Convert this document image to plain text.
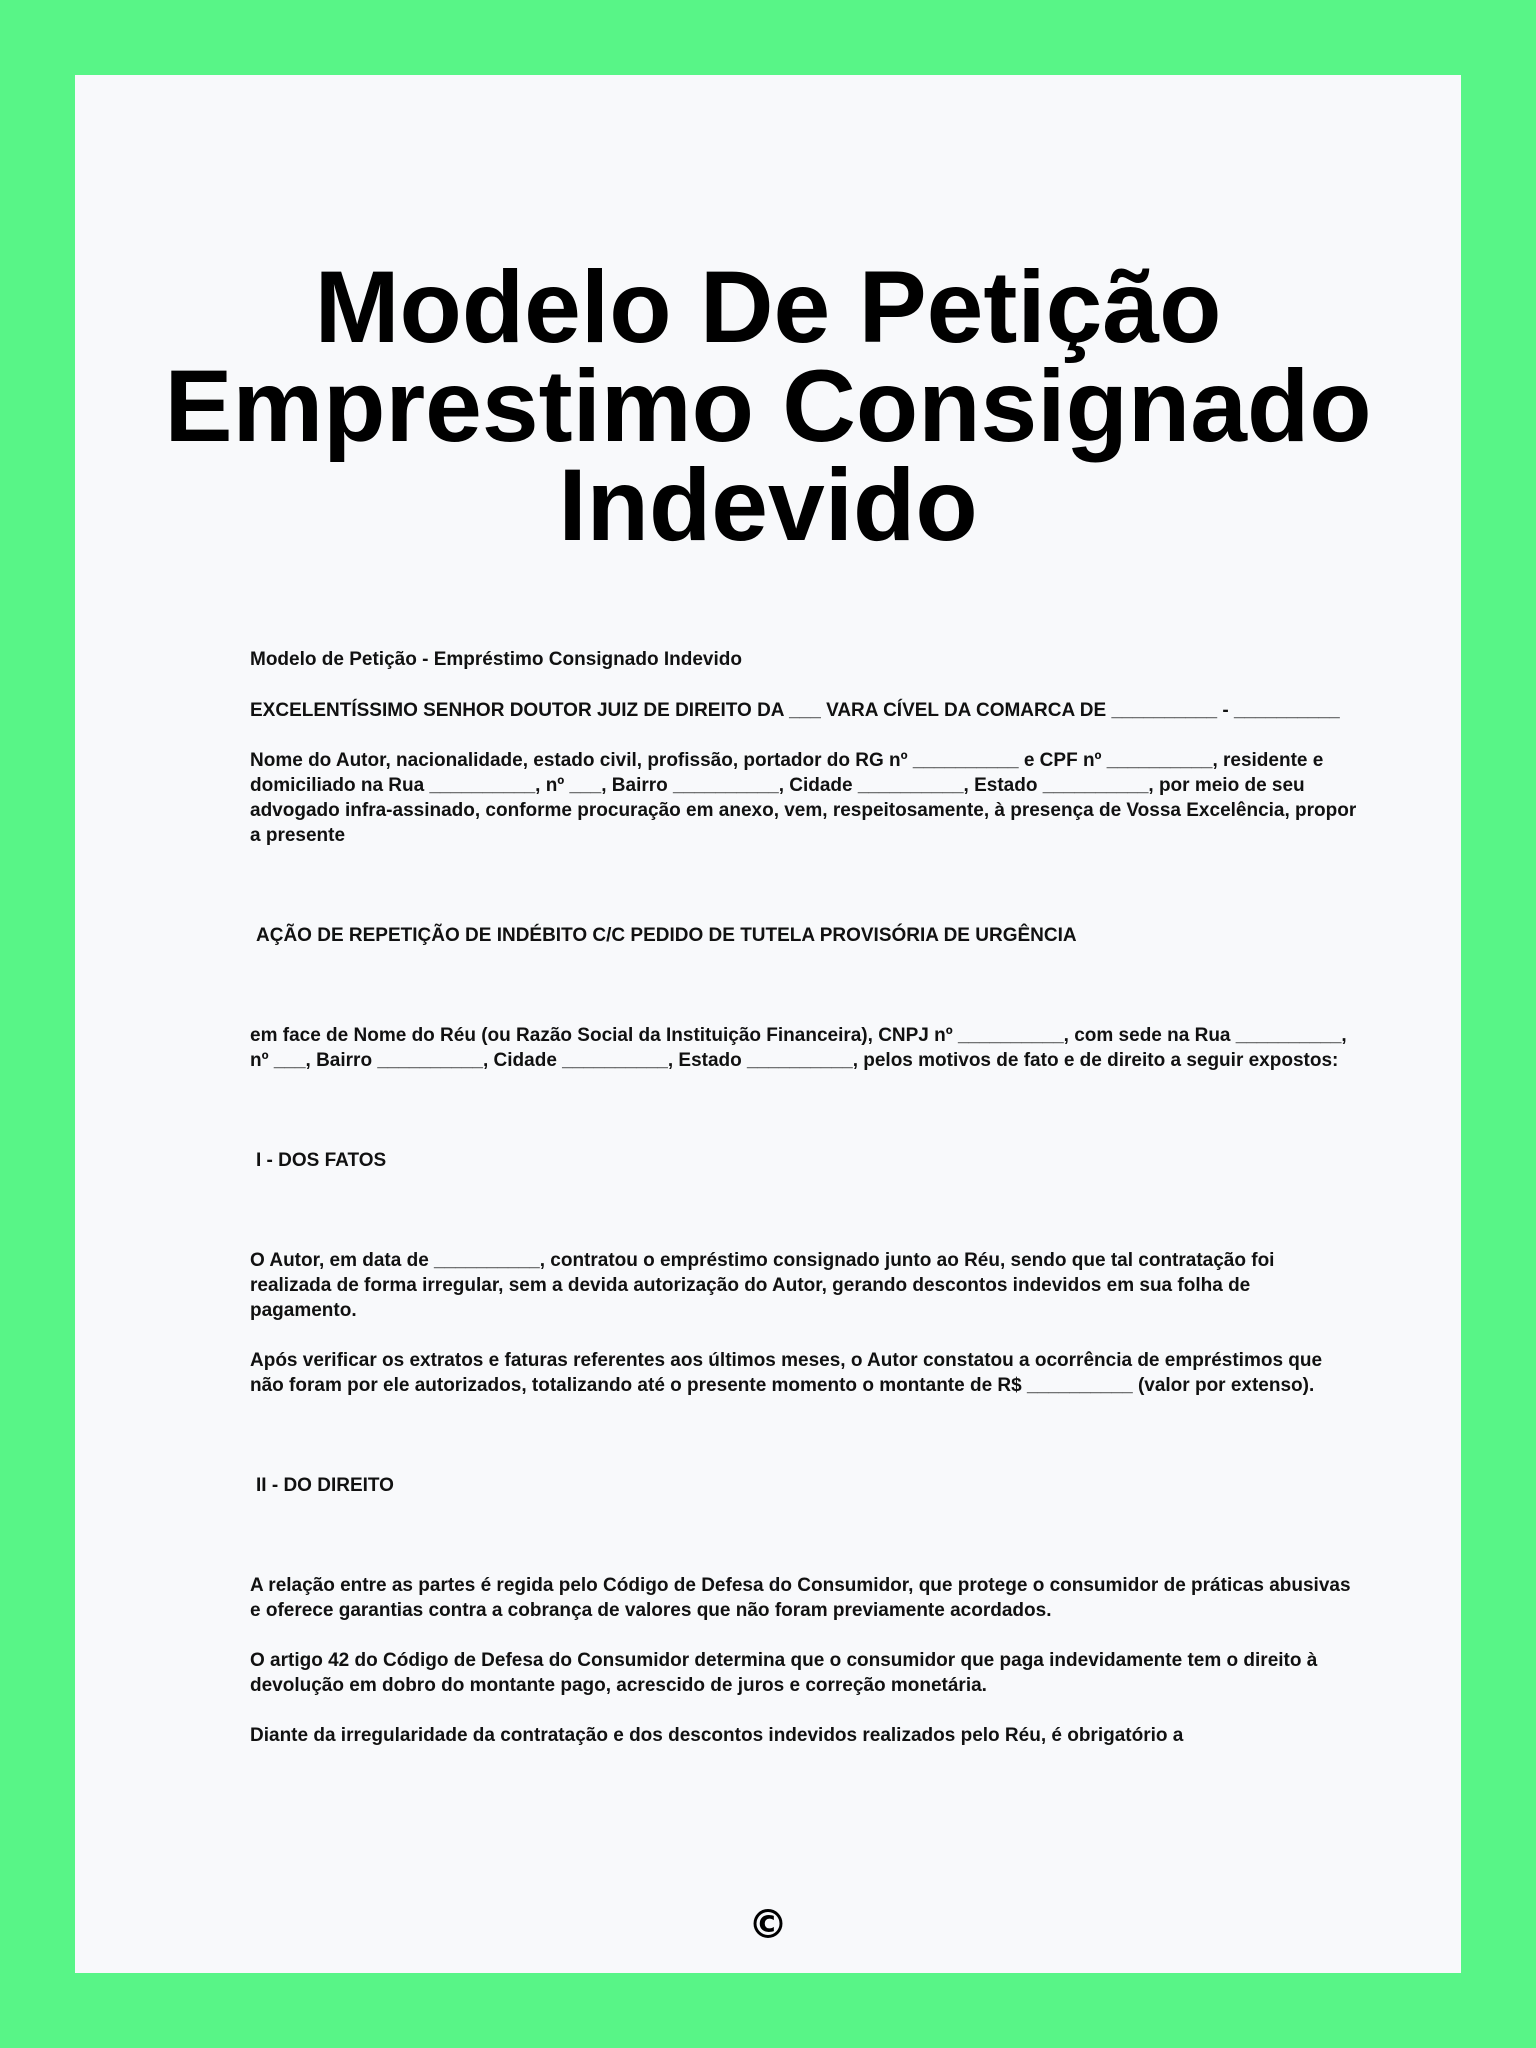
Modelo De Petição
Emprestimo Consignado
Indevido

Modelo de Petição - Empréstimo Consignado Indevido

EXCELENTÍSSIMO SENHOR DOUTOR JUIZ DE DIREITO DA ___ VARA CÍVEL DA COMARCA DE __________ - __________

Nome do Autor, nacionalidade, estado civil, profissão, portador do RG nº __________ e CPF nº __________, residente e domiciliado na Rua __________, nº ___, Bairro __________, Cidade __________, Estado __________, por meio de seu advogado infra-assinado, conforme procuração em anexo, vem, respeitosamente, à presença de Vossa Excelência, propor a presente

AÇÃO DE REPETIÇÃO DE INDÉBITO C/C PEDIDO DE TUTELA PROVISÓRIA DE URGÊNCIA

em face de Nome do Réu (ou Razão Social da Instituição Financeira), CNPJ nº __________, com sede na Rua __________, nº ___, Bairro __________, Cidade __________, Estado __________, pelos motivos de fato e de direito a seguir expostos:

I - DOS FATOS

O Autor, em data de __________, contratou o empréstimo consignado junto ao Réu, sendo que tal contratação foi realizada de forma irregular, sem a devida autorização do Autor, gerando descontos indevidos em sua folha de pagamento.

Após verificar os extratos e faturas referentes aos últimos meses, o Autor constatou a ocorrência de empréstimos que não foram por ele autorizados, totalizando até o presente momento o montante de R$ __________ (valor por extenso).

II - DO DIREITO

A relação entre as partes é regida pelo Código de Defesa do Consumidor, que protege o consumidor de práticas abusivas e oferece garantias contra a cobrança de valores que não foram previamente acordados.

O artigo 42 do Código de Defesa do Consumidor determina que o consumidor que paga indevidamente tem o direito à devolução em dobro do montante pago, acrescido de juros e correção monetária.

Diante da irregularidade da contratação e dos descontos indevidos realizados pelo Réu, é obrigatório a

©
